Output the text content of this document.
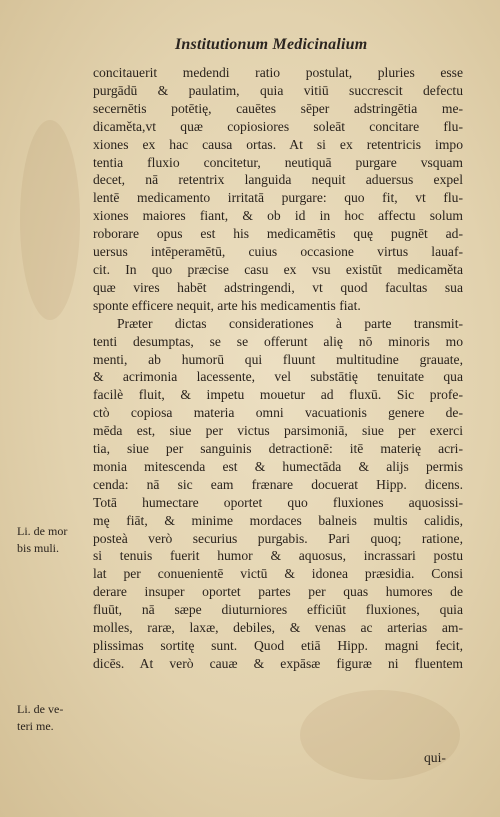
Institutionum Medicinalium
concitauerit medendi ratio postulat, pluries esse
purgādū & paulatim, quia vitiū succrescit defectu
secernētis potētię, cauētes sēper adstringētia me-
dicaměta,vt quæ copiosiores soleāt concitare flu-
xiones ex hac causa ortas. At si ex retentricis impo
tentia fluxio concitetur, neutiquā purgare vsquam
decet, nā retentrix languida nequit aduersus expel
lentē medicamento irritatā purgare: quo fit, vt flu-
xiones maiores fiant, & ob id in hoc affectu solum
roborare opus est his medicamētis quę pugnēt ad-
uersus intēperamētū, cuius occasione virtus lauaf-
cit. In quo præcise casu ex vsu existūt medicaměta
quæ vires habēt adstringendi, vt quod facultas sua
sponte efficere nequit, arte his medicamentis fiat.
Præter dictas considerationes à parte transmit-
tenti desumptas, se se offerunt alię nō minoris mo
menti, ab humorū qui fluunt multitudine grauate,
& acrimonia lacessente, vel substātię tenuitate qua
facilè fluit, & impetu mouetur ad fluxū. Sic profe-
ctò copiosa materia omni vacuationis genere de-
mēda est, siue per victus parsimoniā, siue per exerci
tia, siue per sanguinis detractionē: itē materię acri-
monia mitescenda est & humectāda & alijs permis
cenda: nā sic eam frænare docuerat Hipp. dicens.
Totā humectare oportet quo fluxiones aquosissi-
mę fiāt, & minime mordaces balneis multis calidis,
posteà verò securius purgabis. Pari quoq; ratione,
si tenuis fuerit humor & aquosus, incrassari postu
lat per conuenientē victū & idonea præsidia. Consi
derare insuper oportet partes per quas humores de
fluūt, nā sæpe diuturniores efficiūt fluxiones, quia
molles, raræ, laxæ, debiles, & venas ac arterias am-
plissimas sortitę sunt. Quod etiā Hipp. magni fecit,
dicēs. At verò cauæ & expāsæ figuræ ni fluentem
Li. de mor
bis muli.
Li. de ve-
teri me.
qui-
